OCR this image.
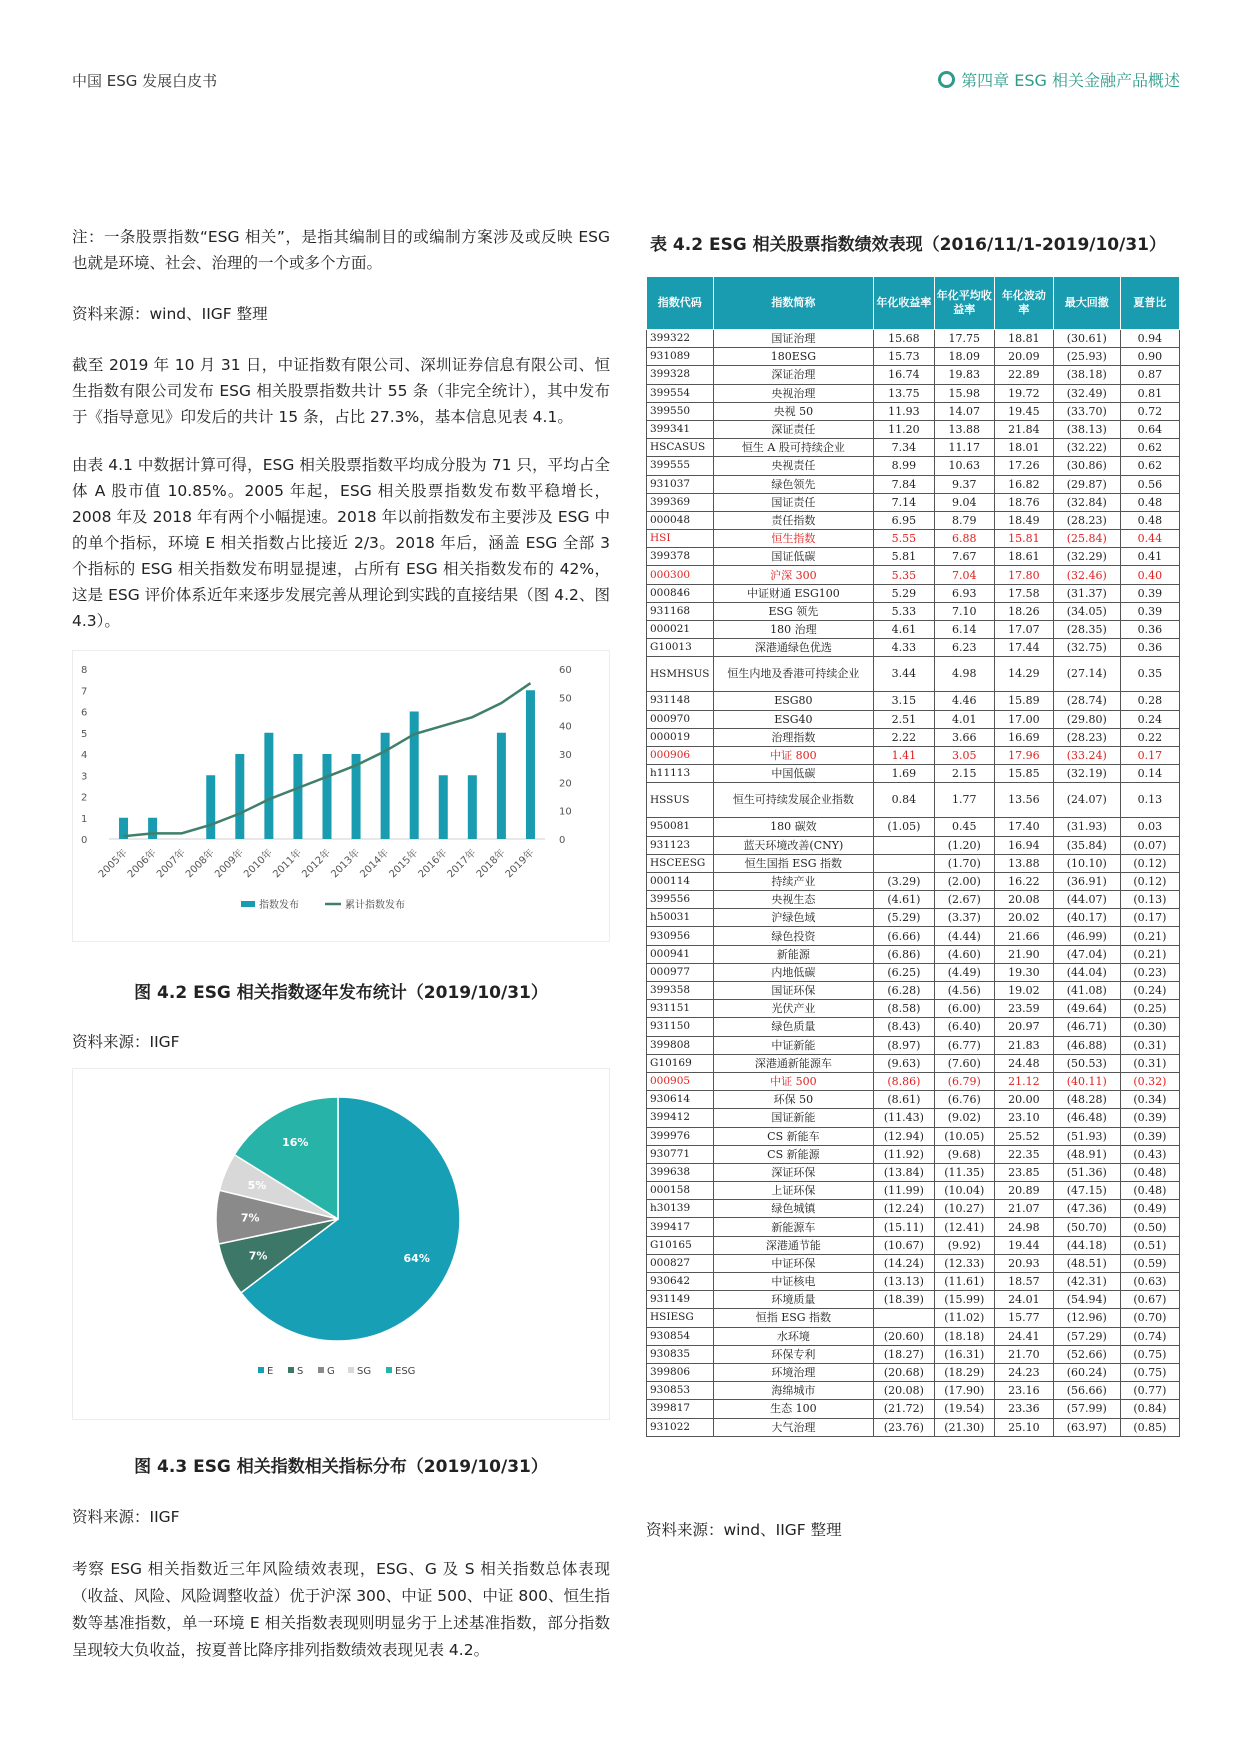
中国 ESG 发展白皮书	第四章 ESG 相关金融产品概述

注：一条股票指数“ESG 相关”，是指其编制目的或编制方案涉及或反映 ESG 也就是环境、社会、治理的一个或多个方面。

资料来源：wind、IIGF 整理

截至 2019 年 10 月 31 日，中证指数有限公司、深圳证券信息有限公司、恒生指数有限公司发布 ESG 相关股票指数共计 55 条（非完全统计），其中发布于《指导意见》印发后的共计 15 条，占比 27.3%，基本信息见表 4.1。

由表 4.1 中数据计算可得，ESG 相关股票指数平均成分股为 71 只，平均占全体 A 股市值 10.85%。2005 年起，ESG 相关股票指数发布数平稳增长，2008 年及 2018 年有两个小幅提速。2018 年以前指数发布主要涉及 ESG 中的单个指标，环境 E 相关指数占比接近 2/3。2018 年后，涵盖 ESG 全部 3 个指标的 ESG 相关指数发布明显提速，占所有 ESG 相关指数发布的 42%，这是 ESG 评价体系近年来逐步发展完善从理论到实践的直接结果（图 4.2、图 4.3）。

0
1
2
3
4
5
6
7
8
0
10
20
30
40
50
60
2005年
2006年
2007年
2008年
2009年
2010年
2011年
2012年
2013年
2014年
2015年
2016年
2017年
2018年
2019年
指数发布	累计指数发布
图 4.2 ESG 相关指数逐年发布统计（2019/10/31）

资料来源：IIGF

64%
7%
7%
5%
16%
E S G SG ESG
图 4.3 ESG 相关指数相关指标分布（2019/10/31）

资料来源：IIGF

考察 ESG 相关指数近三年风险绩效表现，ESG、G 及 S 相关指数总体表现（收益、风险、风险调整收益）优于沪深 300、中证 500、中证 800、恒生指数等基准指数，单一环境 E 相关指数表现则明显劣于上述基准指数，部分指数呈现较大负收益，按夏普比降序排列指数绩效表现见表 4.2。

表 4.2 ESG 相关股票指数绩效表现（2016/11/1-2019/10/31）
指数代码	指数简称	年化收益率	年化平均收益率	年化波动率	最大回撤	夏普比
399322	国证治理	15.68	17.75	18.81	(30.61)	0.94
931089	180ESG	15.73	18.09	20.09	(25.93)	0.90
399328	深证治理	16.74	19.83	22.89	(38.18)	0.87
399554	央视治理	13.75	15.98	19.72	(32.49)	0.81
399550	央视 50	11.93	14.07	19.45	(33.70)	0.72
399341	深证责任	11.20	13.88	21.84	(38.13)	0.64
HSCASUS	恒生 A 股可持续企业	7.34	11.17	18.01	(32.22)	0.62
399555	央视责任	8.99	10.63	17.26	(30.86)	0.62
931037	绿色领先	7.84	9.37	16.82	(29.87)	0.56
399369	国证责任	7.14	9.04	18.76	(32.84)	0.48
000048	责任指数	6.95	8.79	18.49	(28.23)	0.48
HSI	恒生指数	5.55	6.88	15.81	(25.84)	0.44
399378	国证低碳	5.81	7.67	18.61	(32.29)	0.41
000300	沪深 300	5.35	7.04	17.80	(32.46)	0.40
000846	中证财通 ESG100	5.29	6.93	17.58	(31.37)	0.39
931168	ESG 领先	5.33	7.10	18.26	(34.05)	0.39
000021	180 治理	4.61	6.14	17.07	(28.35)	0.36
G10013	深港通绿色优选	4.33	6.23	17.44	(32.75)	0.36
HSMHSUS	恒生内地及香港可持续企业	3.44	4.98	14.29	(27.14)	0.35
931148	ESG80	3.15	4.46	15.89	(28.74)	0.28
000970	ESG40	2.51	4.01	17.00	(29.80)	0.24
000019	治理指数	2.22	3.66	16.69	(28.23)	0.22
000906	中证 800	1.41	3.05	17.96	(33.24)	0.17
h11113	中国低碳	1.69	2.15	15.85	(32.19)	0.14
HSSUS	恒生可持续发展企业指数	0.84	1.77	13.56	(24.07)	0.13
950081	180 碳效	(1.05)	0.45	17.40	(31.93)	0.03
931123	蓝天环境改善(CNY)		(1.20)	16.94	(35.84)	(0.07)
HSCEESG	恒生国指 ESG 指数		(1.70)	13.88	(10.10)	(0.12)
000114	持续产业	(3.29)	(2.00)	16.22	(36.91)	(0.12)
399556	央视生态	(4.61)	(2.67)	20.08	(44.07)	(0.13)
h50031	沪绿色域	(5.29)	(3.37)	20.02	(40.17)	(0.17)
930956	绿色投资	(6.66)	(4.44)	21.66	(46.99)	(0.21)
000941	新能源	(6.86)	(4.60)	21.90	(47.04)	(0.21)
000977	内地低碳	(6.25)	(4.49)	19.30	(44.04)	(0.23)
399358	国证环保	(6.28)	(4.56)	19.02	(41.08)	(0.24)
931151	光伏产业	(8.58)	(6.00)	23.59	(49.64)	(0.25)
931150	绿色质量	(8.43)	(6.40)	20.97	(46.71)	(0.30)
399808	中证新能	(8.97)	(6.77)	21.83	(46.88)	(0.31)
G10169	深港通新能源车	(9.63)	(7.60)	24.48	(50.53)	(0.31)
000905	中证 500	(8.86)	(6.79)	21.12	(40.11)	(0.32)
930614	环保 50	(8.61)	(6.76)	20.00	(48.28)	(0.34)
399412	国证新能	(11.43)	(9.02)	23.10	(46.48)	(0.39)
399976	CS 新能车	(12.94)	(10.05)	25.52	(51.93)	(0.39)
930771	CS 新能源	(11.92)	(9.68)	22.35	(48.91)	(0.43)
399638	深证环保	(13.84)	(11.35)	23.85	(51.36)	(0.48)
000158	上证环保	(11.99)	(10.04)	20.89	(47.15)	(0.48)
h30139	绿色城镇	(12.24)	(10.27)	21.07	(47.36)	(0.49)
399417	新能源车	(15.11)	(12.41)	24.98	(50.70)	(0.50)
G10165	深港通节能	(10.67)	(9.92)	19.44	(44.18)	(0.51)
000827	中证环保	(14.24)	(12.33)	20.93	(48.51)	(0.59)
930642	中证核电	(13.13)	(11.61)	18.57	(42.31)	(0.63)
931149	环境质量	(18.39)	(15.99)	24.01	(54.94)	(0.67)
HSIESG	恒指 ESG 指数		(11.02)	15.77	(12.96)	(0.70)
930854	水环境	(20.60)	(18.18)	24.41	(57.29)	(0.74)
930835	环保专利	(18.27)	(16.31)	21.70	(52.66)	(0.75)
399806	环境治理	(20.68)	(18.29)	24.23	(60.24)	(0.75)
930853	海绵城市	(20.08)	(17.90)	23.16	(56.66)	(0.77)
399817	生态 100	(21.72)	(19.54)	23.36	(57.99)	(0.84)
931022	大气治理	(23.76)	(21.30)	25.10	(63.97)	(0.85)
资料来源：wind、IIGF 整理
